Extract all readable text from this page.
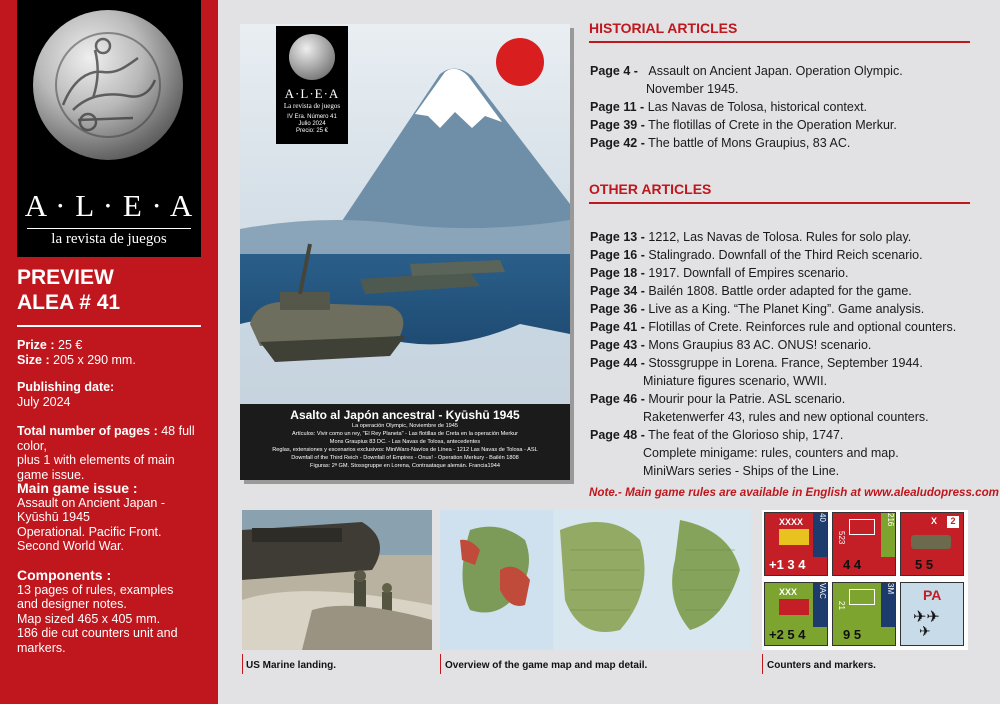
A · L · E · A
la revista de juegos
PREVIEW
ALEA # 41
Prize : 25 €
Size : 205 x 290 mm.
Publishing date:
July 2024
Total number of pages : 48 full color,
plus 1 with elements of main
game issue.
Main game issue :
Assault on Ancient Japan -
Kyūshū 1945
Operational. Pacific Front.
Second World War.
Components :
13 pages of rules, examples
and designer notes.
Map sized 465 x 405 mm.
186 die cut counters unit and
markers.
A·L·E·A
La revista de juegos
IV Era. Número 41
Julio 2024
Precio: 25 €
Asalto al Japón ancestral - Kyūshū 1945
La operación Olympic, Noviembre de 1945
Artículos: Vivir como un rey, "El Rey Planeta" - Las flotillas de Creta en la operación Merkur
Mons Graupius 83 DC. - Las Navas de Tolosa, antecedentes
Reglas, extensiones y escenarios exclusivos: MiniWars-Navíos de Línea - 1212 Las Navas de Tolosa - ASL
Downfall of the Third Reich - Downfall of Empires - Onus! - Operation Merkury - Bailén 1808
Figuras: 2ª GM. Stossgruppe en Lorena, Contraataque alemán. Francia1944
HISTORIAL ARTICLES
Page 4 - Assault on Ancient Japan. Operation Olympic.
November 1945.
Page 11 - Las Navas de Tolosa, historical context.
Page 39 - The flotillas of Crete in the Operation Merkur.
Page 42 - The battle of Mons Graupius, 83 AC.
OTHER ARTICLES
Page 13 - 1212, Las Navas de Tolosa. Rules for solo play.
Page 16 - Stalingrado. Downfall of the Third Reich scenario.
Page 18 - 1917. Downfall of Empires scenario.
Page 34 - Bailén 1808. Battle order adapted for the game.
Page 36 - Live as a King. “The Planet King”. Game analysis.
Page 41 - Flotillas of Crete. Reinforces rule and optional counters.
Page 43 - Mons Graupius 83 AC. ONUS! scenario.
Page 44 - Stossgruppe in Lorena. France, September 1944.
Miniature figures scenario, WWII.
Page 46 - Mourir pour la Patrie. ASL scenario.
Raketenwerfer 43, rules and new optional counters.
Page 48 - The feat of the Glorioso ship, 1747.
Complete minigame: rules, counters and map.
MiniWars series - Ships of the Line.
Note.- Main game rules are available in English at www.alealudopress.com
US Marine landing.	Overview of the game map and map detail.
XXXX	40
+1 3 4
523
216
4 4
X	2
5 5
XXX	VAC
+2 5 4
21
3M
9 5
PA
✈✈
✈
Counters and markers.
